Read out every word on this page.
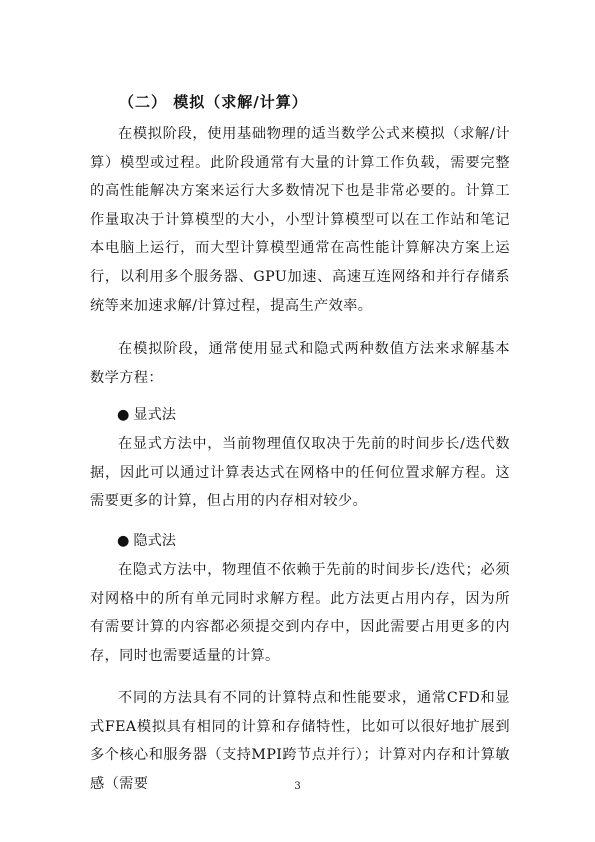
（二） 模拟（求解/计算）
在模拟阶段，使用基础物理的适当数学公式来模拟（求解/计算）模型或过程。此阶段通常有大量的计算工作负载，需要完整的高性能解决方案来运行大多数情况下也是非常必要的。计算工作量取决于计算模型的大小，小型计算模型可以在工作站和笔记本电脑上运行，而大型计算模型通常在高性能计算解决方案上运行，以利用多个服务器、GPU加速、高速互连网络和并行存储系统等来加速求解/计算过程，提高生产效率。
在模拟阶段，通常使用显式和隐式两种数值方法来求解基本数学方程：
● 显式法
在显式方法中，当前物理值仅取决于先前的时间步长/迭代数据，因此可以通过计算表达式在网格中的任何位置求解方程。这需要更多的计算，但占用的内存相对较少。
● 隐式法
在隐式方法中，物理值不依赖于先前的时间步长/迭代；必须对网格中的所有单元同时求解方程。此方法更占用内存，因为所有需要计算的内容都必须提交到内存中，因此需要占用更多的内存，同时也需要适量的计算。
不同的方法具有不同的计算特点和性能要求，通常CFD和显式FEA模拟具有相同的计算和存储特性，比如可以很好地扩展到多个核心和服务器（支持MPI跨节点并行）；计算对内存和计算敏感（需要	3
